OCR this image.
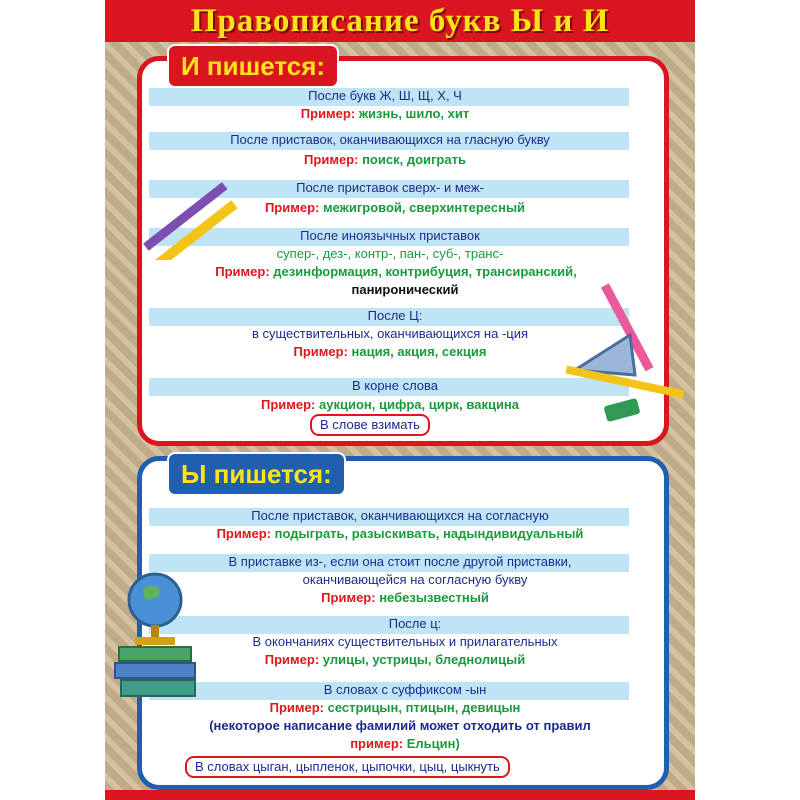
Правописание букв Ы и И
И пишется:
После букв Ж, Ш, Щ, Х, Ч
Пример: жизнь, шило, хит
После приставок, оканчивающихся на гласную букву
Пример: поиск, доиграть
После приставок сверх- и меж-
Пример: межигровой, сверхинтересный
После иноязычных приставок
супер-, дез-, контр-, пан-, суб-, транс-
Пример: дезинформация, контрибуция, трансиранский,
паниронический
После Ц:
в существительных, оканчивающихся на -ция
Пример: нация, акция, секция
В корне слова
Пример: аукцион, цифра, цирк, вакцина
В слове взимать
Ы пишется:
После приставок, оканчивающихся на согласную
Пример: подыграть, разыскивать, надындивидуальный
В приставке из-, если она стоит после другой приставки,
оканчивающейся на согласную букву
Пример: небезызвестный
После ц:
В окончаниях существительных и прилагательных
Пример: улицы, устрицы, бледнолицый
В словах с суффиксом -ын
Пример: сестрицын, птицын, девицын
(некоторое написание фамилий может отходить от правил
пример: Ельцин)
В словах цыган, цыпленок, цыпочки, цыц, цыкнуть
